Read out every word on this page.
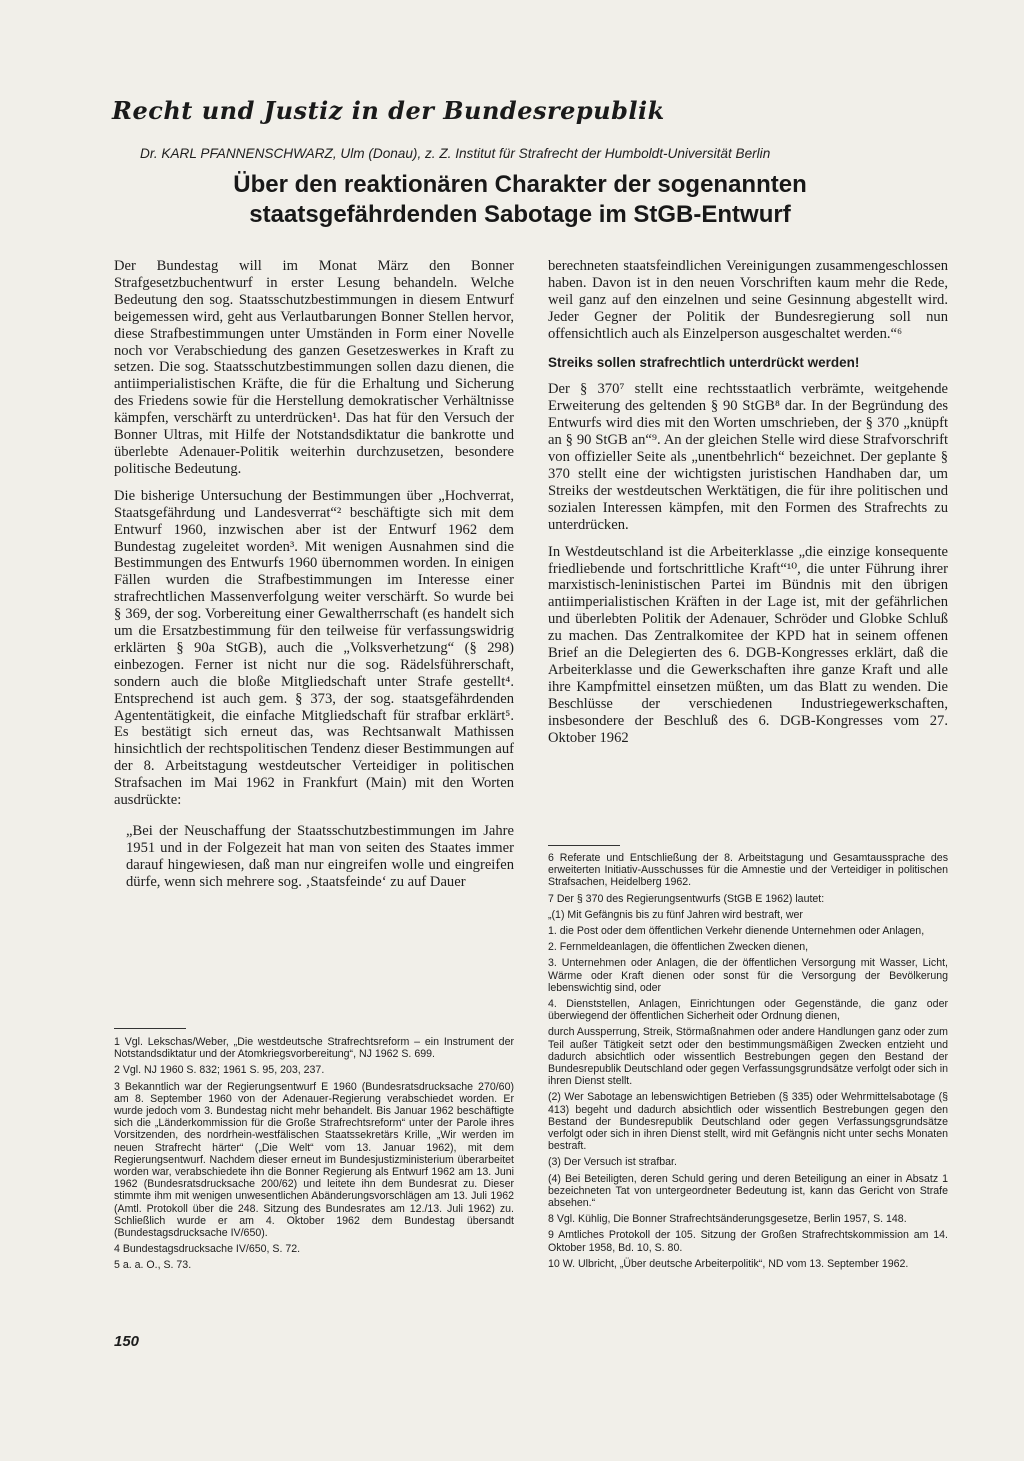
Recht und Justiz in der Bundesrepublik
Dr. KARL PFANNENSCHWARZ, Ulm (Donau), z. Z. Institut für Strafrecht der Humboldt-Universität Berlin
Über den reaktionären Charakter der sogenannten
staatsgefährdenden Sabotage im StGB-Entwurf

Der Bundestag will im Monat März den Bonner Strafgesetzbuchentwurf in erster Lesung behandeln. Welche Bedeutung den sog. Staatsschutzbestimmungen in diesem Entwurf beigemessen wird, geht aus Verlautbarungen Bonner Stellen hervor, diese Strafbestimmungen unter Umständen in Form einer Novelle noch vor Verabschiedung des ganzen Gesetzeswerkes in Kraft zu setzen. Die sog. Staatsschutzbestimmungen sollen dazu dienen, die antiimperialistischen Kräfte, die für die Erhaltung und Sicherung des Friedens sowie für die Herstellung demokratischer Verhältnisse kämpfen, verschärft zu unterdrücken¹. Das hat für den Versuch der Bonner Ultras, mit Hilfe der Notstandsdiktatur die bankrotte und überlebte Adenauer-Politik weiterhin durchzusetzen, besondere politische Bedeutung.

Die bisherige Untersuchung der Bestimmungen über „Hochverrat, Staatsgefährdung und Landesverrat“² beschäftigte sich mit dem Entwurf 1960, inzwischen aber ist der Entwurf 1962 dem Bundestag zugeleitet worden³. Mit wenigen Ausnahmen sind die Bestimmungen des Entwurfs 1960 übernommen worden. In einigen Fällen wurden die Strafbestimmungen im Interesse einer strafrechtlichen Massenverfolgung weiter verschärft. So wurde bei § 369, der sog. Vorbereitung einer Gewaltherrschaft (es handelt sich um die Ersatzbestimmung für den teilweise für verfassungswidrig erklärten § 90a StGB), auch die „Volksverhetzung“ (§ 298) einbezogen. Ferner ist nicht nur die sog. Rädelsführerschaft, sondern auch die bloße Mitgliedschaft unter Strafe gestellt⁴. Entsprechend ist auch gem. § 373, der sog. staatsgefährdenden Agententätigkeit, die einfache Mitgliedschaft für strafbar erklärt⁵. Es bestätigt sich erneut das, was Rechtsanwalt Mathissen hinsichtlich der rechtspolitischen Tendenz dieser Bestimmungen auf der 8. Arbeitstagung westdeutscher Verteidiger in politischen Strafsachen im Mai 1962 in Frankfurt (Main) mit den Worten ausdrückte:

„Bei der Neuschaffung der Staatsschutzbestimmungen im Jahre 1951 und in der Folgezeit hat man von seiten des Staates immer darauf hingewiesen, daß man nur eingreifen wolle und eingreifen dürfe, wenn sich mehrere sog. ‚Staatsfeinde‘ zu auf Dauer

berechneten staatsfeindlichen Vereinigungen zusammengeschlossen haben. Davon ist in den neuen Vorschriften kaum mehr die Rede, weil ganz auf den einzelnen und seine Gesinnung abgestellt wird. Jeder Gegner der Politik der Bundesregierung soll nun offensichtlich auch als Einzelperson ausgeschaltet werden.“⁶

Streiks sollen strafrechtlich unterdrückt werden!

Der § 370⁷ stellt eine rechtsstaatlich verbrämte, weitgehende Erweiterung des geltenden § 90 StGB⁸ dar. In der Begründung des Entwurfs wird dies mit den Worten umschrieben, der § 370 „knüpft an § 90 StGB an“⁹. An der gleichen Stelle wird diese Strafvorschrift von offizieller Seite als „unentbehrlich“ bezeichnet. Der geplante § 370 stellt eine der wichtigsten juristischen Handhaben dar, um Streiks der westdeutschen Werktätigen, die für ihre politischen und sozialen Interessen kämpfen, mit den Formen des Strafrechts zu unterdrücken.

In Westdeutschland ist die Arbeiterklasse „die einzige konsequente friedliebende und fortschrittliche Kraft“¹⁰, die unter Führung ihrer marxistisch-leninistischen Partei im Bündnis mit den übrigen antiimperialistischen Kräften in der Lage ist, mit der gefährlichen und überlebten Politik der Adenauer, Schröder und Globke Schluß zu machen. Das Zentralkomitee der KPD hat in seinem offenen Brief an die Delegierten des 6. DGB-Kongresses erklärt, daß die Arbeiterklasse und die Gewerkschaften ihre ganze Kraft und alle ihre Kampfmittel einsetzen müßten, um das Blatt zu wenden. Die Beschlüsse der verschiedenen Industriegewerkschaften, insbesondere der Beschluß des 6. DGB-Kongresses vom 27. Oktober 1962

1 Vgl. Lekschas/Weber, „Die westdeutsche Strafrechtsreform – ein Instrument der Notstandsdiktatur und der Atomkriegsvorbereitung“, NJ 1962 S. 699.
2 Vgl. NJ 1960 S. 832; 1961 S. 95, 203, 237.
3 Bekanntlich war der Regierungsentwurf E 1960 (Bundesratsdrucksache 270/60) am 8. September 1960 von der Adenauer-Regierung verabschiedet worden. Er wurde jedoch vom 3. Bundestag nicht mehr behandelt. Bis Januar 1962 beschäftigte sich die „Länderkommission für die Große Strafrechtsreform“ unter der Parole ihres Vorsitzenden, des nordrhein-westfälischen Staatssekretärs Krille, „Wir werden im neuen Strafrecht härter“ („Die Welt“ vom 13. Januar 1962), mit dem Regierungsentwurf. Nachdem dieser erneut im Bundesjustizministerium überarbeitet worden war, verabschiedete ihn die Bonner Regierung als Entwurf 1962 am 13. Juni 1962 (Bundesratsdrucksache 200/62) und leitete ihn dem Bundesrat zu. Dieser stimmte ihm mit wenigen unwesentlichen Abänderungsvorschlägen am 13. Juli 1962 (Amtl. Protokoll über die 248. Sitzung des Bundesrates am 12./13. Juli 1962) zu. Schließlich wurde er am 4. Oktober 1962 dem Bundestag übersandt (Bundestagsdrucksache IV/650).
4 Bundestagsdrucksache IV/650, S. 72.
5 a. a. O., S. 73.
6 Referate und Entschließung der 8. Arbeitstagung und Gesamtaussprache des erweiterten Initiativ-Ausschusses für die Amnestie und der Verteidiger in politischen Strafsachen, Heidelberg 1962.
7 Der § 370 des Regierungsentwurfs (StGB E 1962) lautet:
„(1) Mit Gefängnis bis zu fünf Jahren wird bestraft, wer
1. die Post oder dem öffentlichen Verkehr dienende Unternehmen oder Anlagen,
2. Fernmeldeanlagen, die öffentlichen Zwecken dienen,
3. Unternehmen oder Anlagen, die der öffentlichen Versorgung mit Wasser, Licht, Wärme oder Kraft dienen oder sonst für die Versorgung der Bevölkerung lebenswichtig sind, oder
4. Dienststellen, Anlagen, Einrichtungen oder Gegenstände, die ganz oder überwiegend der öffentlichen Sicherheit oder Ordnung dienen,
durch Aussperrung, Streik, Störmaßnahmen oder andere Handlungen ganz oder zum Teil außer Tätigkeit setzt oder den bestimmungsmäßigen Zwecken entzieht und dadurch absichtlich oder wissentlich Bestrebungen gegen den Bestand der Bundesrepublik Deutschland oder gegen Verfassungsgrundsätze verfolgt oder sich in ihren Dienst stellt.
(2) Wer Sabotage an lebenswichtigen Betrieben (§ 335) oder Wehrmittelsabotage (§ 413) begeht und dadurch absichtlich oder wissentlich Bestrebungen gegen den Bestand der Bundesrepublik Deutschland oder gegen Verfassungsgrundsätze verfolgt oder sich in ihren Dienst stellt, wird mit Gefängnis nicht unter sechs Monaten bestraft.
(3) Der Versuch ist strafbar.
(4) Bei Beteiligten, deren Schuld gering und deren Beteiligung an einer in Absatz 1 bezeichneten Tat von untergeordneter Bedeutung ist, kann das Gericht von Strafe absehen.“
8 Vgl. Kühlig, Die Bonner Strafrechtsänderungsgesetze, Berlin 1957, S. 148.
9 Amtliches Protokoll der 105. Sitzung der Großen Strafrechtskommission am 14. Oktober 1958, Bd. 10, S. 80.
10 W. Ulbricht, „Über deutsche Arbeiterpolitik“, ND vom 13. September 1962.
150
